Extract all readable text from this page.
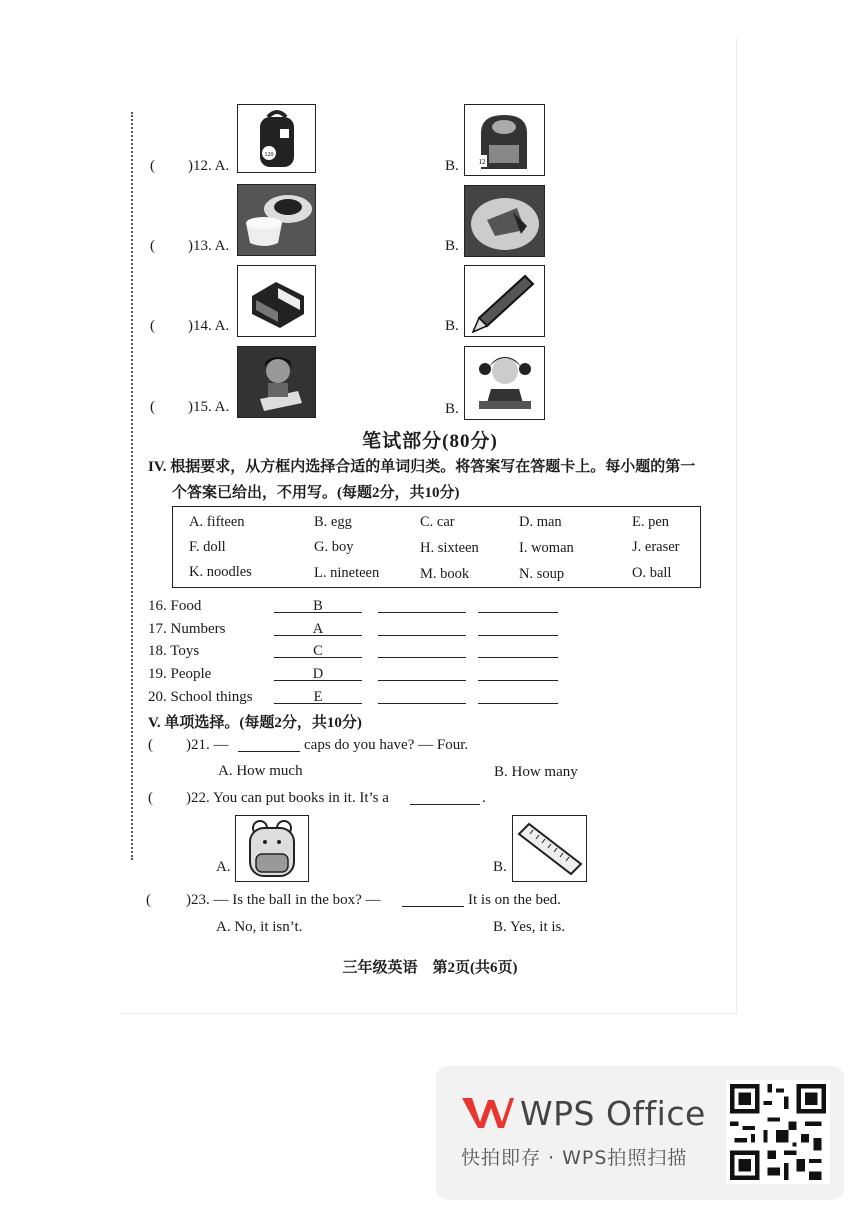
( )12. A.
120
B.	12
( )13. A.	B.
( )14. A.	B.
( )15. A.	B.
笔试部分(80分)
IV. 根据要求，从方框内选择合适的单词归类。将答案写在答题卡上。每小题的第一
个答案已给出，不用写。(每题2分，共10分)
A. fifteen	B. egg	C. car	D. man	E. pen
F. doll	G. boy	H. sixteen	I. woman	J. eraser
K. noodles	L. nineteen	M. book	N. soup	O. ball
16. Food	B
17. Numbers	A
18. Toys	C
19. People	D
20. School things	E
V. 单项选择。(每题2分，共10分)
( )21. —	caps do you have? — Four.
A. How much	B. How many
( )22. You can put books in it. It’s a	.
A.	B.
( )23. — Is the ball in the box? —	It is on the bed.
A. No, it isn’t.	B. Yes, it is.
三年级英语　第2页(共6页)
WPS Office
快拍即存 · WPS拍照扫描
